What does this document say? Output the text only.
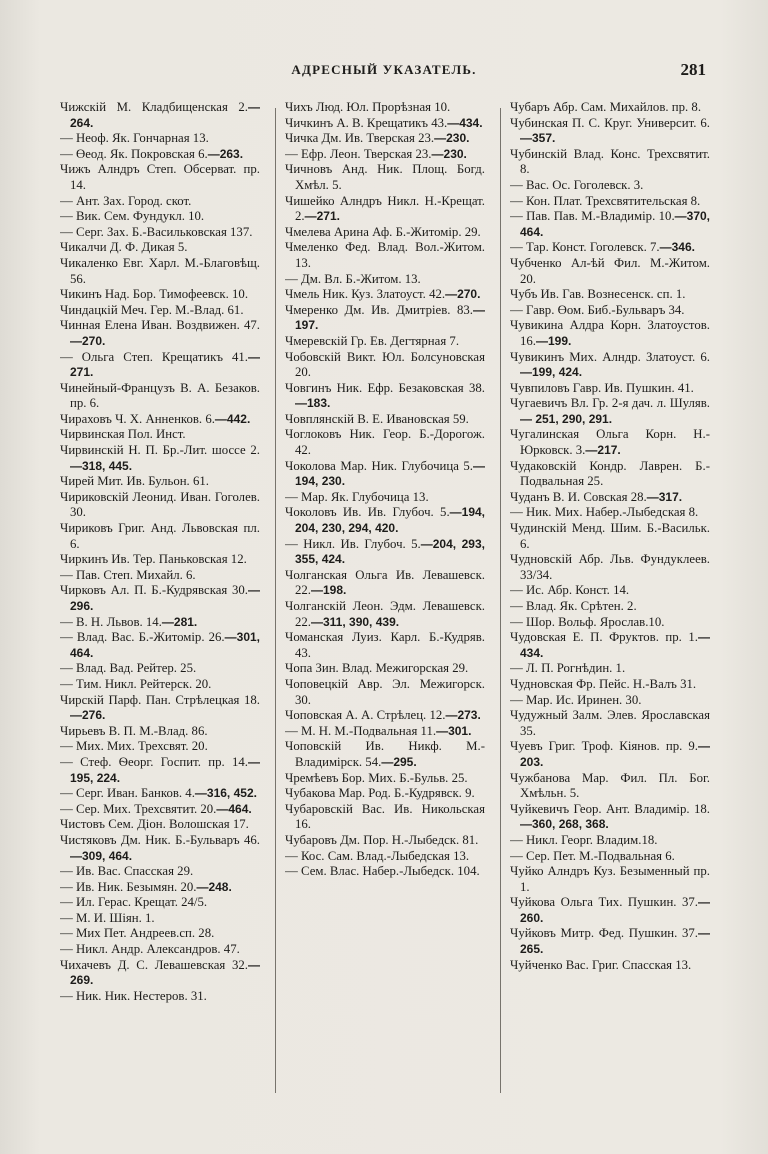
АДРЕСНЫЙ УКАЗАТЕЛЬ.	281
Чижскій М. Кладбищенская 2.—264.
— Неоф. Як. Гончарная 13.
— Өеод. Як. Покровская 6.—263.
Чижъ Алндръ Степ. Обсерват. пр. 14.
— Ант. Зах. Город. скот.
— Вик. Сем. Фундукл. 10.
— Серг. Зах. Б.-Васильковская 137.
Чикалчи Д. Ф. Дикая 5.
Чикаленко Евг. Харл. М.-Благовѣщ. 56.
Чикинъ Над. Бор. Тимофеевск. 10.
Чиндацкій Меч. Гер. М.-Влад. 61.
Чинная Елена Иван. Воздвижен. 47.—270.
— Ольга Степ. Крещатикъ 41.—271.
Чинейный-Французъ В. А. Безаков. пр. 6.
Чираховъ Ч. Х. Анненков. 6.—442.
Чирвинская Пол. Инст.
Чирвинскій Н. П. Бр.-Лит. шоссе 2.—318, 445.
Чирей Мит. Ив. Бульон. 61.
Чириковскій Леонид. Иван. Гоголев. 30.
Чириковъ Григ. Анд. Львовская пл. 6.
Чиркинъ Ив. Тер. Паньковская 12.
— Пав. Степ. Михайл. 6.
Чирковъ Ал. П. Б.-Кудрявская 30.—296.
— В. Н. Львов. 14.—281.
— Влад. Вас. Б.-Житомір. 26.—301, 464.
— Влад. Вад. Рейтер. 25.
— Тим. Никл. Рейтерск. 20.
Чирскій Парф. Пан. Стрѣлецкая 18.—276.
Чирьевъ В. П. М.-Влад. 86.
— Мих. Мих. Трехсвят. 20.
— Стеф. Ѳеорг. Госпит. пр. 14.—195, 224.
— Серг. Иван. Банков. 4.—316, 452.
— Сер. Мих. Трехсвятит. 20.—464.
Чистовъ Сем. Діон. Волошская 17.
Чистяковъ Дм. Ник. Б.-Бульваръ 46.—309, 464.
— Ив. Вас. Спасская 29.
— Ив. Ник. Безымян. 20.—248.
— Ил. Герас. Крещат. 24/5.
— М. И. Шіян. 1.
— Мих Пет. Андреев.сп. 28.
— Никл. Андр. Александров. 47.
Чихачевъ Д. С. Левашевская 32.—269.
— Ник. Ник. Нестеров. 31.
Чихъ Люд. Юл. Прорѣзная 10.
Чичкинъ А. В. Крещатикъ 43.—434.
Чичка Дм. Ив. Тверская 23.—230.
— Ефр. Леон. Тверская 23.—230.
Чичновъ Анд. Ник. Площ. Богд. Хмѣл. 5.
Чишейко Алндръ Никл. Н.-Крещат. 2.—271.
Чмелева Арина Аф. Б.-Житомір. 29.
Чмеленко Фед. Влад. Вол.-Житом. 13.
— Дм. Вл. Б.-Житом. 13.
Чмель Ник. Куз. Златоуст. 42.—270.
Чмеренко Дм. Ив. Дмитріев. 83.—197.
Чмеревскій Гр. Ев. Дегтярная 7.
Чобовскій Викт. Юл. Болсуновская 20.
Човгинъ Ник. Ефр. Безаковская 38.—183.
Човплянскій В. Е. Ивановская 59.
Чоглоковъ Ник. Геор. Б.-Дорогож. 42.
Чоколова Мар. Ник. Глубочица 5.—194, 230.
— Мар. Як. Глубочица 13.
Чоколовъ Ив. Ив. Глубоч. 5.—194, 204, 230, 294, 420.
— Никл. Ив. Глубоч. 5.—204, 293, 355, 424.
Чолганская Ольга Ив. Левашевск. 22.—198.
Чолганскій Леон. Эдм. Левашевск. 22.—311, 390, 439.
Чоманская Луиз. Карл. Б.-Кудряв. 43.
Чопа Зин. Влад. Межигорская 29.
Чоповецкій Авр. Эл. Межигорск. 30.
Чоповская А. А. Стрѣлец. 12.—273.
— М. Н. М.-Подвальная 11.—301.
Чоповскій Ив. Никф. М.-Владимірск. 54.—295.
Чремѣевъ Бор. Мих. Б.-Бульв. 25.
Чубакова Мар. Род. Б.-Кудрявск. 9.
Чубаровскій Вас. Ив. Никольская 16.
Чубаровъ Дм. Пор. Н.-Лыбедск. 81.
— Кос. Сам. Влад.-Лыбедская 13.
— Сем. Влас. Набер.-Лыбедск. 104.
Чубаръ Абр. Сам. Михайлов. пр. 8.
Чубинская П. С. Круг. Университ. 6.—357.
Чубинскій Влад. Конс. Трехсвятит. 8.
— Вас. Ос. Гоголевск. 3.
— Кон. Плат. Трехсвятительская 8.
— Пав. Пав. М.-Владимір. 10.—370, 464.
— Тар. Конст. Гоголевск. 7.—346.
Чубченко Ал-ѣй Фил. М.-Житом. 20.
Чубъ Ив. Гав. Вознесенск. сп. 1.
— Гавр. Өом. Биб.-Бульваръ 34.
Чувикина Алдра Корн. Златоустов. 16.—199.
Чувикинъ Мих. Алндр. Златоуст. 6.—199, 424.
Чувпиловъ Гавр. Ив. Пушкин. 41.
Чугаевичъ Вл. Гр. 2-я дач. л. Шуляв. — 251, 290, 291.
Чугалинская Ольга Корн. Н.-Юрковск. 3.—217.
Чудаковскій Кондр. Лаврен. Б.-Подвальная 25.
Чуданъ В. И. Совская 28.—317.
— Ник. Мих. Набер.-Лыбедская 8.
Чудинскій Менд. Шим. Б.-Васильк. 6.
Чудновскій Абр. Льв. Фундуклеев. 33/34.
— Ис. Абр. Конст. 14.
— Влад. Як. Срѣтен. 2.
— Шор. Вольф. Ярослав.10.
Чудовская Е. П. Фруктов. пр. 1.—434.
— Л. П. Рогнѣдин. 1.
Чудновская Фр. Пейс. Н.-Валъ 31.
— Мар. Ис. Иринен. 30.
Чудужный Залм. Элев. Ярославская 35.
Чуевъ Григ. Троф. Кіянов. пр. 9.—203.
Чужбанова Мар. Фил. Пл. Бог. Хмѣльн. 5.
Чуйкевичъ Геор. Ант. Владимір. 18.—360, 268, 368.
— Никл. Георг. Владим.18.
— Сер. Пет. М.-Подвальная 6.
Чуйко Алндръ Куз. Безыменный пр. 1.
Чуйкова Ольга Тих. Пушкин. 37.—260.
Чуйковъ Митр. Фед. Пушкин. 37.—265.
Чуйченко Вас. Григ. Спасская 13.
